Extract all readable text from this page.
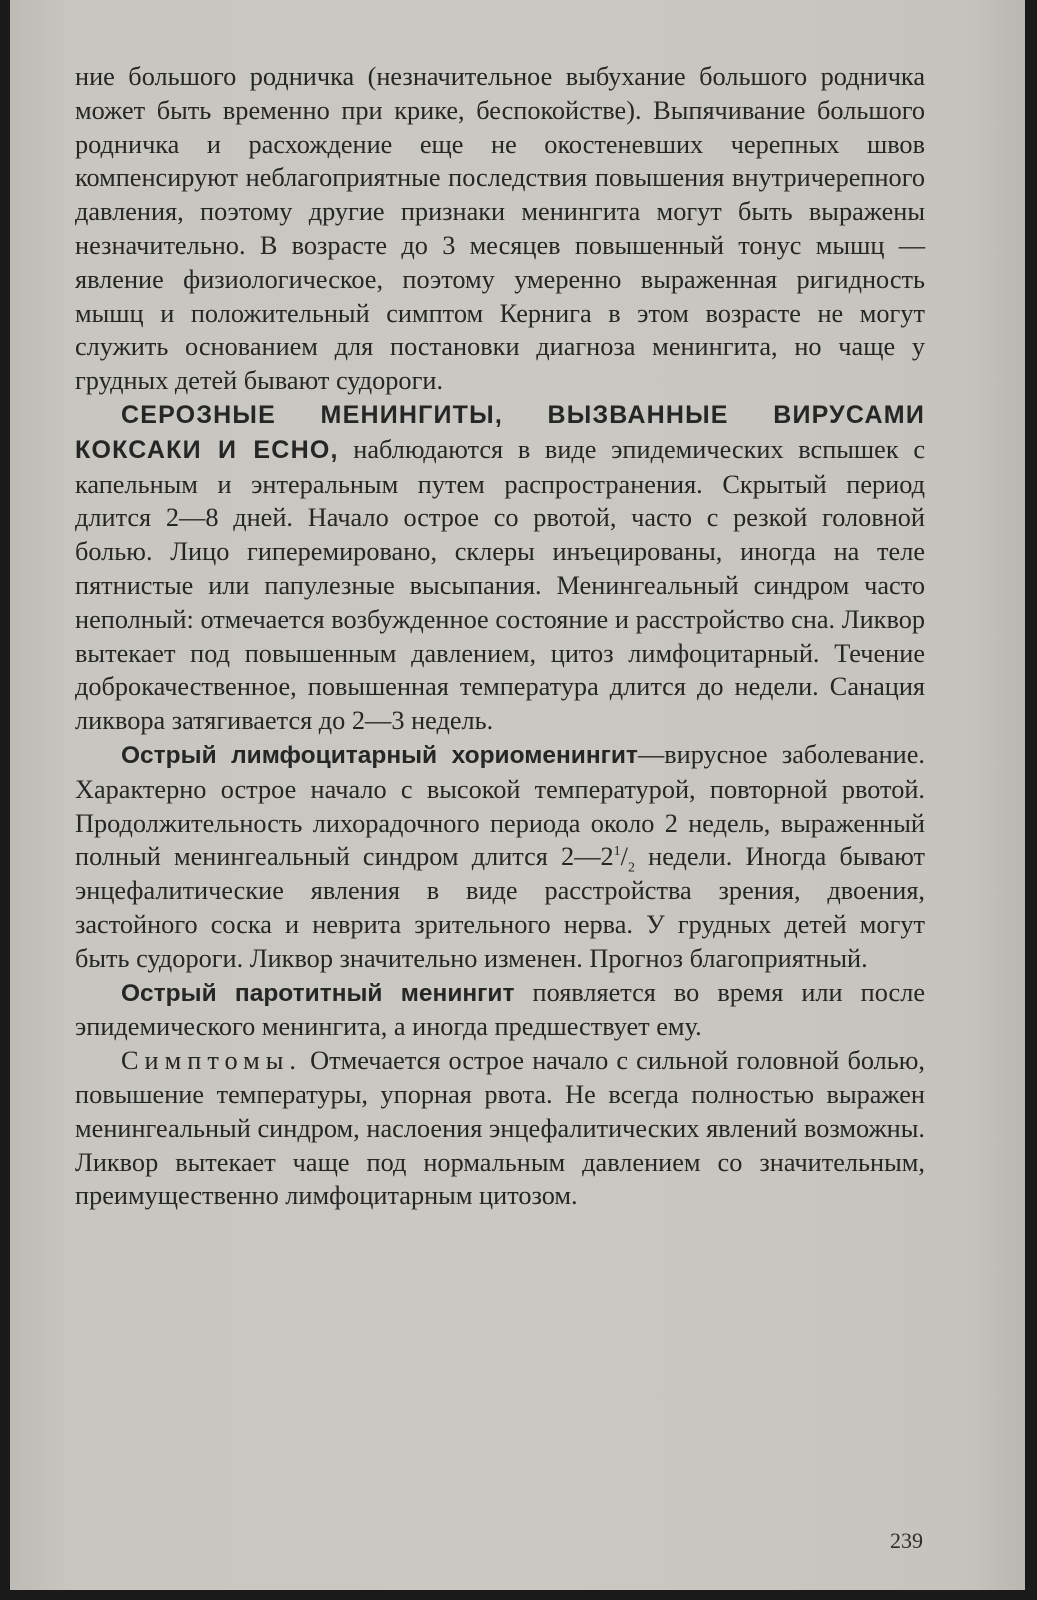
ние большого родничка (незначительное выбухание большого родничка может быть временно при крике, беспокойстве). Выпячивание большого родничка и расхождение еще не окостеневших черепных швов компенсируют неблагоприятные последствия повышения внутричерепного давления, поэтому другие признаки менингита могут быть выражены незначительно. В возрасте до 3 месяцев повышенный тонус мышц — явление физиологическое, поэтому умеренно выраженная ригидность мышц и положительный симптом Кернига в этом возрасте не могут служить основанием для постановки диагноза менингита, но чаще у грудных детей бывают судороги.

СЕРОЗНЫЕ МЕНИНГИТЫ, ВЫЗВАННЫЕ ВИРУСАМИ КОКСАКИ И ЕСНО, наблюдаются в виде эпидемических вспышек с капельным и энтеральным путем распространения. Скрытый период длится 2—8 дней. Начало острое со рвотой, часто с резкой головной болью. Лицо гиперемировано, склеры инъецированы, иногда на теле пятнистые или папулезные высыпания. Менингеальный синдром часто неполный: отмечается возбужденное состояние и расстройство сна. Ликвор вытекает под повышенным давлением, цитоз лимфоцитарный. Течение доброкачественное, повышенная температура длится до недели. Санация ликвора затягивается до 2—3 недель.

Острый лимфоцитарный хориоменингит—вирусное заболевание. Характерно острое начало с высокой температурой, повторной рвотой. Продолжительность лихорадочного периода около 2 недель, выраженный полный менингеальный синдром длится $2—2^1/_2$ недели. Иногда бывают энцефалитические явления в виде расстройства зрения, двоения, застойного соска и неврита зрительного нерва. У грудных детей могут быть судороги. Ликвор значительно изменен. Прогноз благоприятный.

Острый паротитный менингит появляется во время или после эпидемического менингита, а иногда предшествует ему.

Симптомы. Отмечается острое начало с сильной головной болью, повышение температуры, упорная рвота. Не всегда полностью выражен менингеальный синдром, наслоения энцефалитических явлений возможны. Ликвор вытекает чаще под нормальным давлением со значительным, преимущественно лимфоцитарным цитозом.

239
